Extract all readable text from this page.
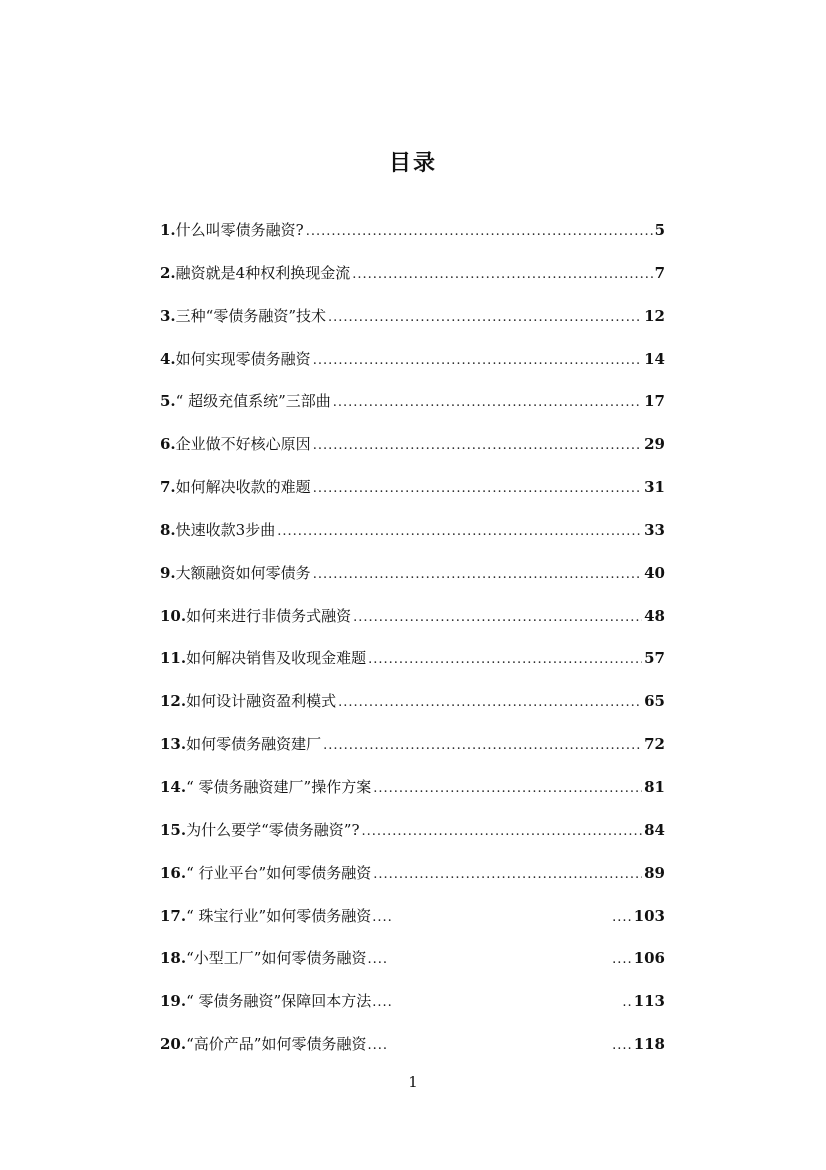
目录
1. 什么叫零债务融资? .....	5
2. 融资就是4种权利换现金流 .....	7
3. 三种“零债务融资”技术 .....	12
4. 如何实现零债务融资 .....	14
5. “ 超级充值系统”三部曲 .....	17
6. 企业做不好核心原因 .....	29
7. 如何解决收款的难题 .....	31
8. 快速收款3步曲 .....	33
9. 大额融资如何零债务 .....	40
10. 如何来进行非债务式融资 .....	48
11. 如何解决销售及收现金难题 .....	57
12. 如何设计融资盈利模式 .....	65
13. 如何零债务融资建厂 .....	72
14. “ 零债务融资建厂”操作方案 .....	81
15. 为什么要学“零债务融资”? .....	84
16. “ 行业平台”如何零债务融资 .....	89
17. “ 珠宝行业”如何零债务融资 ........	.... 103
18. “小型工厂”如何零债务融资 ........	.... 106
19. “ 零债务融资”保障回本方法 ........	.. 113
20. “高价产品”如何零债务融资 ........	.... 118
1
